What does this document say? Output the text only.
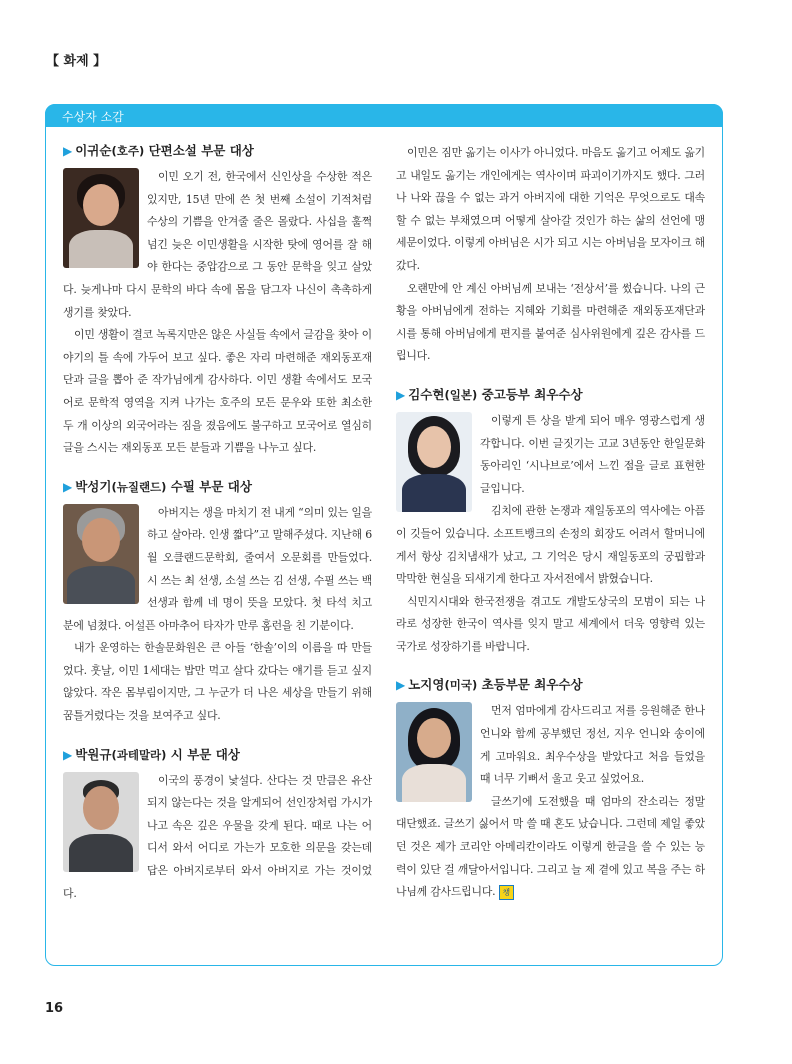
【 화제 】
수상자 소감
▶ 이귀순(호주) 단편소설 부문 대상

이민 오기 전, 한국에서 신인상을 수상한 적은 있지만, 15년 만에 쓴 첫 번째 소설이 기적처럼 수상의 기쁨을 안겨줄 줄은 몰랐다. 사십을 훌쩍 넘긴 늦은 이민생활을 시작한 탓에 영어를 잘 해야 한다는 중압감으로 그 동안 문학을 잊고 살았다. 늦게나마 다시 문학의 바다 속에 몸을 담그자 나신이 촉촉하게 생기를 찾았다.

이민 생활이 결코 녹록지만은 않은 사실들 속에서 글감을 찾아 이야기의 틀 속에 가두어 보고 싶다. 좋은 자리 마련해준 재외동포재단과 글을 뽑아 준 작가님에게 감사하다. 이민 생활 속에서도 모국어로 문학적 영역을 지켜 나가는 호주의 모든 문우와 또한 최소한 두 개 이상의 외국어라는 짐을 졌음에도 불구하고 모국어로 열심히 글을 스시는 재외동포 모든 분들과 기쁨을 나누고 싶다.

▶ 박성기(뉴질랜드) 수필 부문 대상

아버지는 생을 마치기 전 내게 “의미 있는 일을 하고 살아라. 인생 짧다”고 말해주셨다. 지난해 6월 오클랜드문학회, 줄여서 오문회를 만들었다. 시 쓰는 최 선생, 소설 쓰는 김 선생, 수필 쓰는 백 선생과 함께 네 명이 뜻을 모았다. 첫 타석 치고 분에 넘쳤다. 어설픈 아마추어 타자가 만루 홈런을 친 기분이다.

내가 운영하는 한솔문화원은 큰 아들 ‘한솔’이의 이름을 따 만들었다. 훗날, 이민 1세대는 밥만 먹고 살다 갔다는 얘기를 듣고 싶지 않았다. 작은 몸부림이지만, 그 누군가 더 나은 세상을 만들기 위해 꿈틀거렸다는 것을 보여주고 싶다.

▶ 박원규(과테말라) 시 부문 대상

이국의 풍경이 낯설다. 산다는 것 만큼은 유산되지 않는다는 것을 알게되어 선인장처럼 가시가 나고 속은 깊은 우물을 갖게 된다. 때로 나는 어디서 와서 어디로 가는가 모호한 의문을 갖는데 답은 아버지로부터 와서 아버지로 가는 것이었다.

이민은 짐만 옮기는 이사가 아니었다. 마음도 옮기고 어제도 옮기고 내일도 옮기는 개인에게는 역사이며 파괴이기까지도 했다. 그러나 나와 끊을 수 없는 과거 아버지에 대한 기억은 무엇으로도 대속할 수 없는 부채였으며 어떻게 살아갈 것인가 하는 삶의 선언에 맹세문이었다. 이렇게 아버님은 시가 되고 시는 아버님을 모자이크 해갔다.

오랜만에 안 계신 아버님께 보내는 ‘전상서’를 썼습니다. 나의 근황을 아버님에게 전하는 지혜와 기회를 마련해준 재외동포재단과 시를 통해 아버님에게 편지를 붙여준 심사위원에게 깊은 감사를 드립니다.

▶ 김수현(일본) 중고등부 최우수상

이렇게 튼 상을 받게 되어 매우 영광스럽게 생각합니다. 이번 글짓기는 고교 3년동안 한일문화동아리인 ‘시나브로’에서 느낀 점을 글로 표현한 글입니다.

김치에 관한 논쟁과 재일동포의 역사에는 아픔이 깃들어 있습니다. 소프트뱅크의 손정의 회장도 어려서 할머니에게서 항상 김치냄새가 났고, 그 기억은 당시 재일동포의 궁핍함과 막막한 현실을 되새기게 한다고 자서전에서 밝혔습니다.

식민지시대와 한국전쟁을 겪고도 개발도상국의 모범이 되는 나라로 성장한 한국이 역사를 잊지 말고 세계에서 더욱 영향력 있는 국가로 성장하기를 바랍니다.

▶ 노지영(미국) 초등부문 최우수상

먼저 엄마에게 감사드리고 저를 응원해준 한나 언니와 함께 공부했던 정선, 지우 언니와 송이에게 고마워요. 최우수상을 받았다고 처음 들었을 때 너무 기뻐서 울고 웃고 싶었어요.

글쓰기에 도전했을 때 엄마의 잔소리는 정말 대단했죠. 글쓰기 싫어서 막 쓸 때 혼도 났습니다. 그런데 제일 좋았던 것은 제가 코리안 아메리칸이라도 이렇게 한글을 쓸 수 있는 능력이 있단 걸 깨달아서입니다. 그리고 늘 제 곁에 있고 복을 주는 하나님께 감사드립니다. 챙

16
